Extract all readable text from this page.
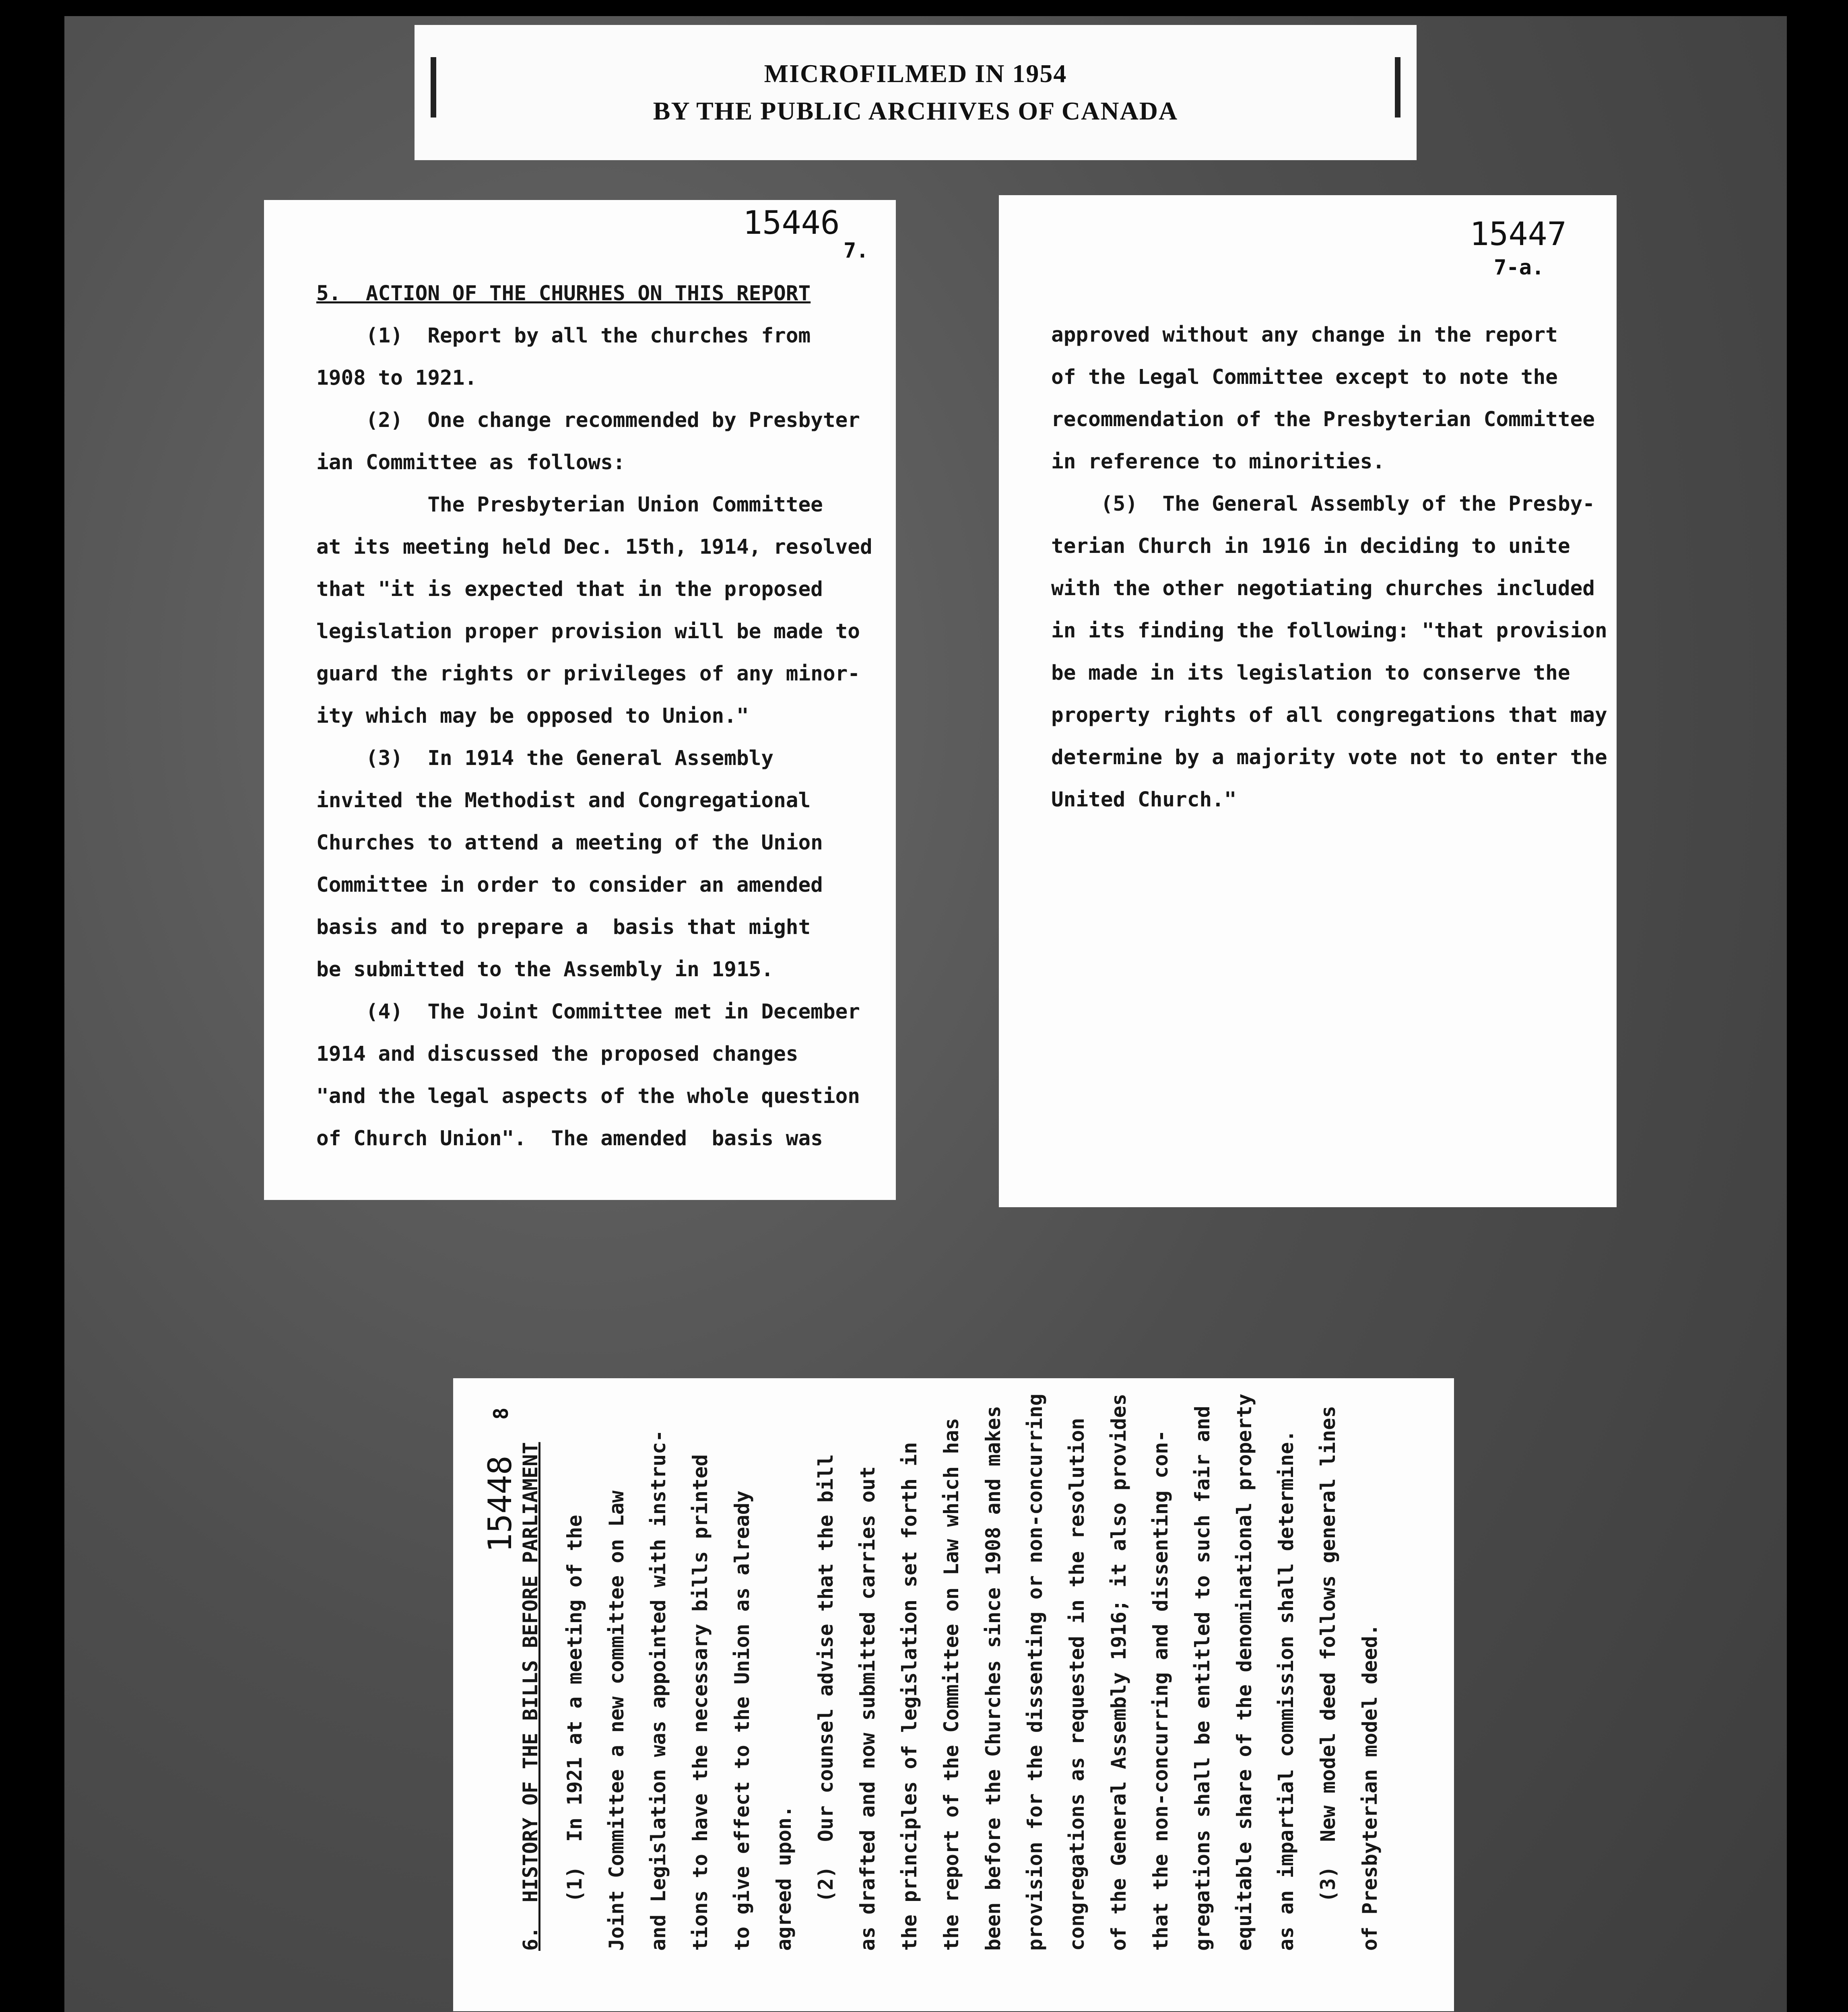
MICROFILMED IN 1954
BY THE PUBLIC ARCHIVES OF CANADA
15446
7.
5.  ACTION OF THE CHURHES ON THIS REPORT
(1)  Report by all the churches from
1908 to 1921.
(2)  One change recommended by Presbyter
ian Committee as follows:
The Presbyterian Union Committee
at its meeting held Dec. 15th, 1914, resolved
that "it is expected that in the proposed
legislation proper provision will be made to
guard the rights or privileges of any minor-
ity which may be opposed to Union."
(3)  In 1914 the General Assembly
invited the Methodist and Congregational
Churches to attend a meeting of the Union
Committee in order to consider an amended
basis and to prepare a  basis that might
be submitted to the Assembly in 1915.
(4)  The Joint Committee met in December
1914 and discussed the proposed changes
"and the legal aspects of the whole question
of Church Union".  The amended  basis was
15447
7-a.
approved without any change in the report
of the Legal Committee except to note the
recommendation of the Presbyterian Committee
in reference to minorities.
(5)  The General Assembly of the Presby-
terian Church in 1916 in deciding to unite
with the other negotiating churches included
in its finding the following: "that provision
be made in its legislation to conserve the
property rights of all congregations that may
determine by a majority vote not to enter the
United Church."
15448
8
6.  HISTORY OF THE BILLS BEFORE PARLIAMENT	(1)  In 1921 at a meeting of the
Joint Committee a new committee on Law
and Legislation was appointed with instruc-
tions to have the necessary bills printed
to give effect to the Union as already
agreed upon.
(2)  Our counsel advise that the bill
as drafted and now submitted carries out
the principles of legislation set forth in
the report of the Committee on Law which has
been before the Churches since 1908 and makes
provision for the dissenting or non-concurring
congregations as requested in the resolution
of the General Assembly 1916; it also provides
that the non-concurring and dissenting con-
gregations shall be entitled to such fair and
equitable share of the denominational property
as an impartial commission shall determine.
(3)  New model deed follows general lines
of Presbyterian model deed.
